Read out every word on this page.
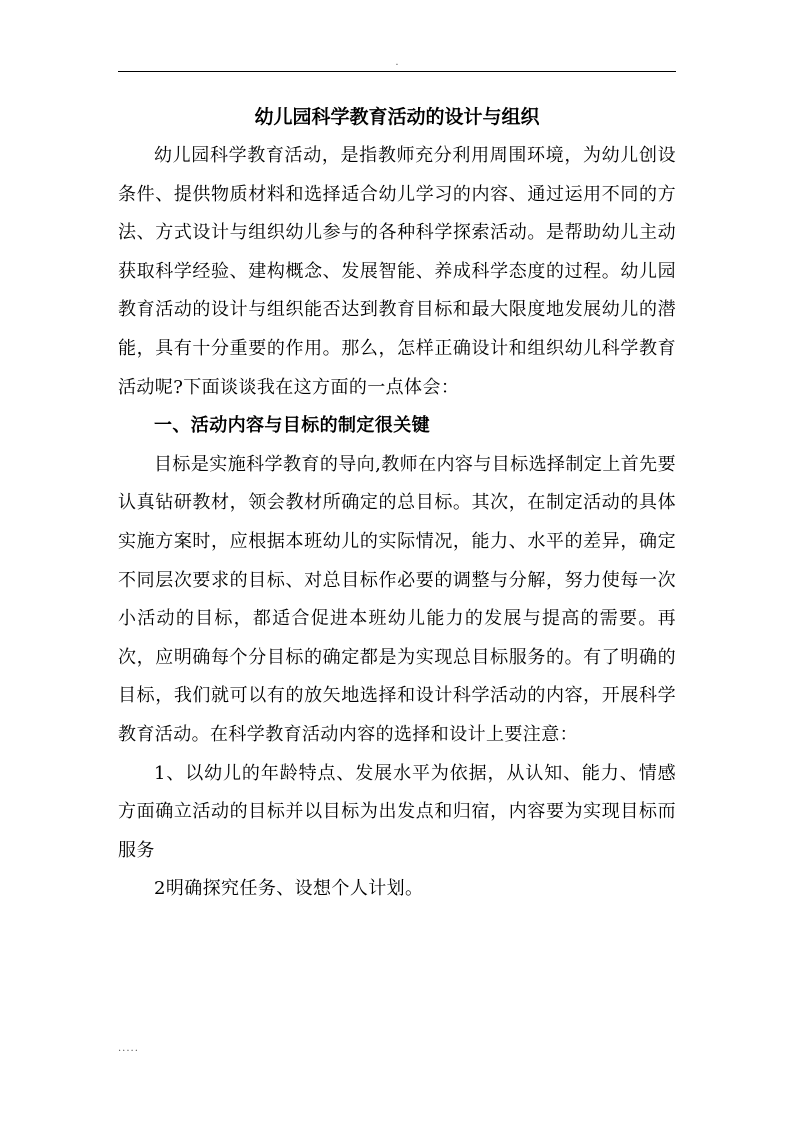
.
幼儿园科学教育活动的设计与组织

幼儿园科学教育活动，是指教师充分利用周围环境，为幼儿创设条件、提供物质材料和选择适合幼儿学习的内容、通过运用不同的方法、方式设计与组织幼儿参与的各种科学探索活动。是帮助幼儿主动获取科学经验、建构概念、发展智能、养成科学态度的过程。幼儿园教育活动的设计与组织能否达到教育目标和最大限度地发展幼儿的潜能，具有十分重要的作用。那么，怎样正确设计和组织幼儿科学教育活动呢?下面谈谈我在这方面的一点体会：

一、活动内容与目标的制定很关键

目标是实施科学教育的导向,教师在内容与目标选择制定上首先要认真钻研教材，领会教材所确定的总目标。其次，在制定活动的具体实施方案时，应根据本班幼儿的实际情况，能力、水平的差异，确定不同层次要求的目标、对总目标作必要的调整与分解，努力使每一次小活动的目标，都适合促进本班幼儿能力的发展与提高的需要。再次，应明确每个分目标的确定都是为实现总目标服务的。有了明确的目标，我们就可以有的放矢地选择和设计科学活动的内容，开展科学教育活动。在科学教育活动内容的选择和设计上要注意：

1、以幼儿的年龄特点、发展水平为依据，从认知、能力、情感方面确立活动的目标并以目标为出发点和归宿，内容要为实现目标而服务

2明确探究任务、设想个人计划。

.....
